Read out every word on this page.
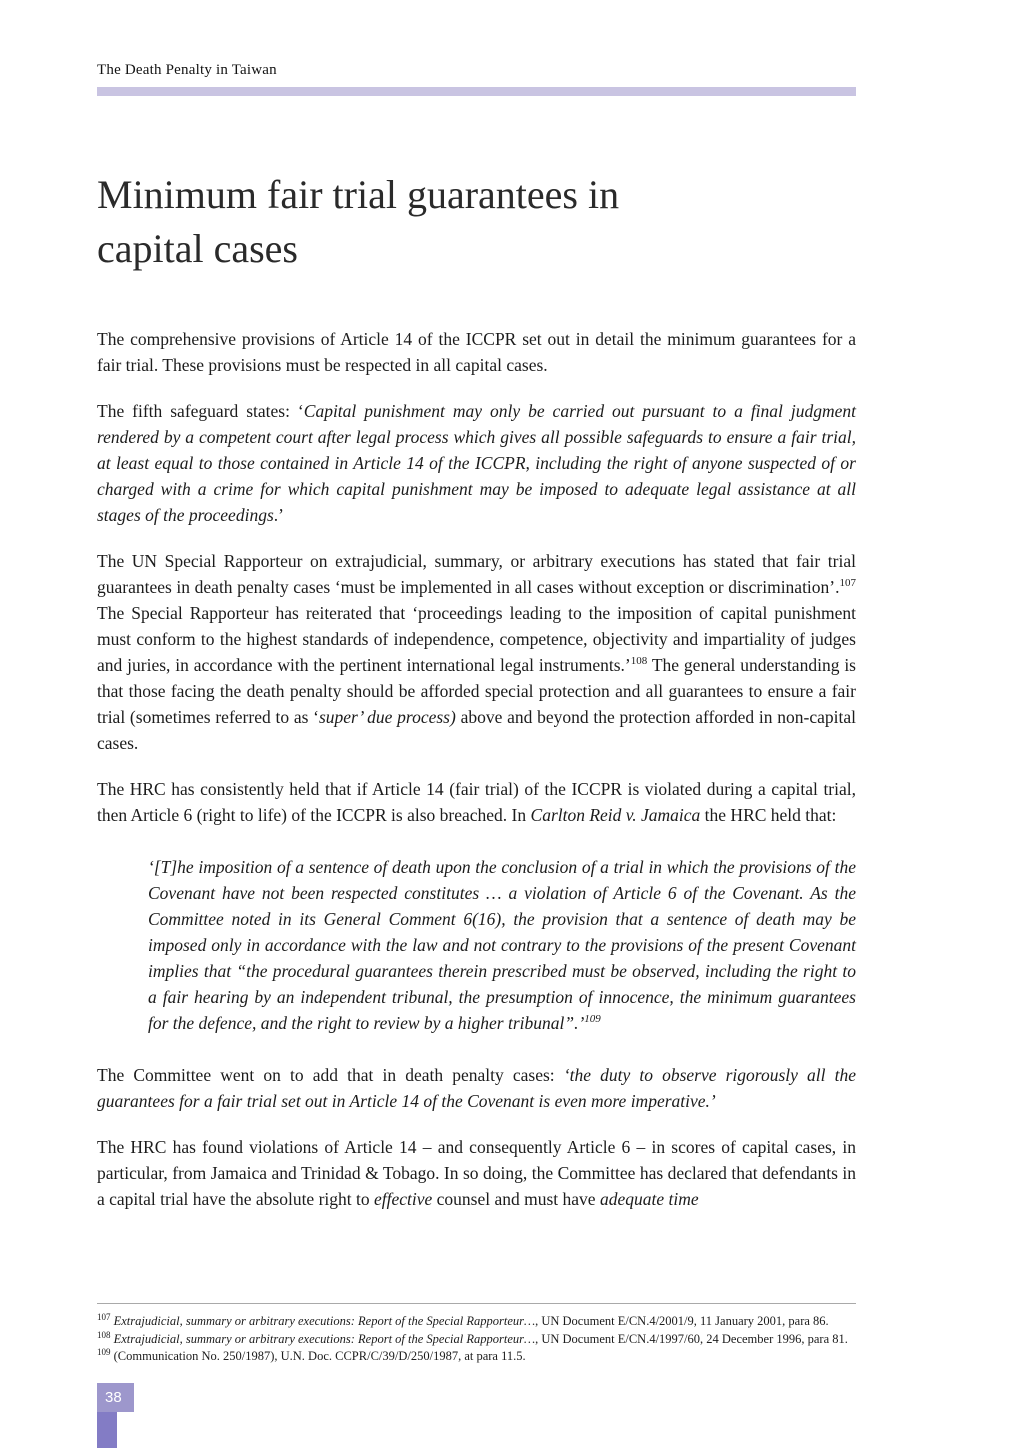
The Death Penalty in Taiwan
Minimum fair trial guarantees in
capital cases

The comprehensive provisions of Article 14 of the ICCPR set out in detail the minimum guarantees for a fair trial. These provisions must be respected in all capital cases.

The fifth safeguard states: ‘Capital punishment may only be carried out pursuant to a final judgment rendered by a competent court after legal process which gives all possible safeguards to ensure a fair trial, at least equal to those contained in Article 14 of the ICCPR, including the right of anyone suspected of or charged with a crime for which capital punishment may be imposed to adequate legal assistance at all stages of the proceedings.’

The UN Special Rapporteur on extrajudicial, summary, or arbitrary executions has stated that fair trial guarantees in death penalty cases ‘must be implemented in all cases without exception or discrimination’.$^{107}$ The Special Rapporteur has reiterated that ‘proceedings leading to the imposition of capital punishment must conform to the highest standards of independence, competence, objectivity and impartiality of judges and juries, in accordance with the pertinent international legal instruments.’$^{108}$ The general understanding is that those facing the death penalty should be afforded special protection and all guarantees to ensure a fair trial (sometimes referred to as ‘super’ due process) above and beyond the protection afforded in non-capital cases.

The HRC has consistently held that if Article 14 (fair trial) of the ICCPR is violated during a capital trial, then Article 6 (right to life) of the ICCPR is also breached. In Carlton Reid v. Jamaica the HRC held that:

‘[T]he imposition of a sentence of death upon the conclusion of a trial in which the provisions of the Covenant have not been respected constitutes … a violation of Article 6 of the Covenant. As the Committee noted in its General Comment 6(16), the provision that a sentence of death may be imposed only in accordance with the law and not contrary to the provisions of the present Covenant implies that “the procedural guarantees therein prescribed must be observed, including the right to a fair hearing by an independent tribunal, the presumption of innocence, the minimum guarantees for the defence, and the right to review by a higher tribunal”.’$^{109}$

The Committee went on to add that in death penalty cases: ‘the duty to observe rigorously all the guarantees for a fair trial set out in Article 14 of the Covenant is even more imperative.’

The HRC has found violations of Article 14 – and consequently Article 6 – in scores of capital cases, in particular, from Jamaica and Trinidad & Tobago. In so doing, the Committee has declared that defendants in a capital trial have the absolute right to effective counsel and must have adequate time

$^{107}$ Extrajudicial, summary or arbitrary executions: Report of the Special Rapporteur…, UN Document E/CN.4/2001/9, 11 January 2001, para 86.
$^{108}$ Extrajudicial, summary or arbitrary executions: Report of the Special Rapporteur…, UN Document E/CN.4/1997/60, 24 December 1996, para 81.
$^{109}$ (Communication No. 250/1987), U.N. Doc. CCPR/C/39/D/250/1987, at para 11.5.
38
